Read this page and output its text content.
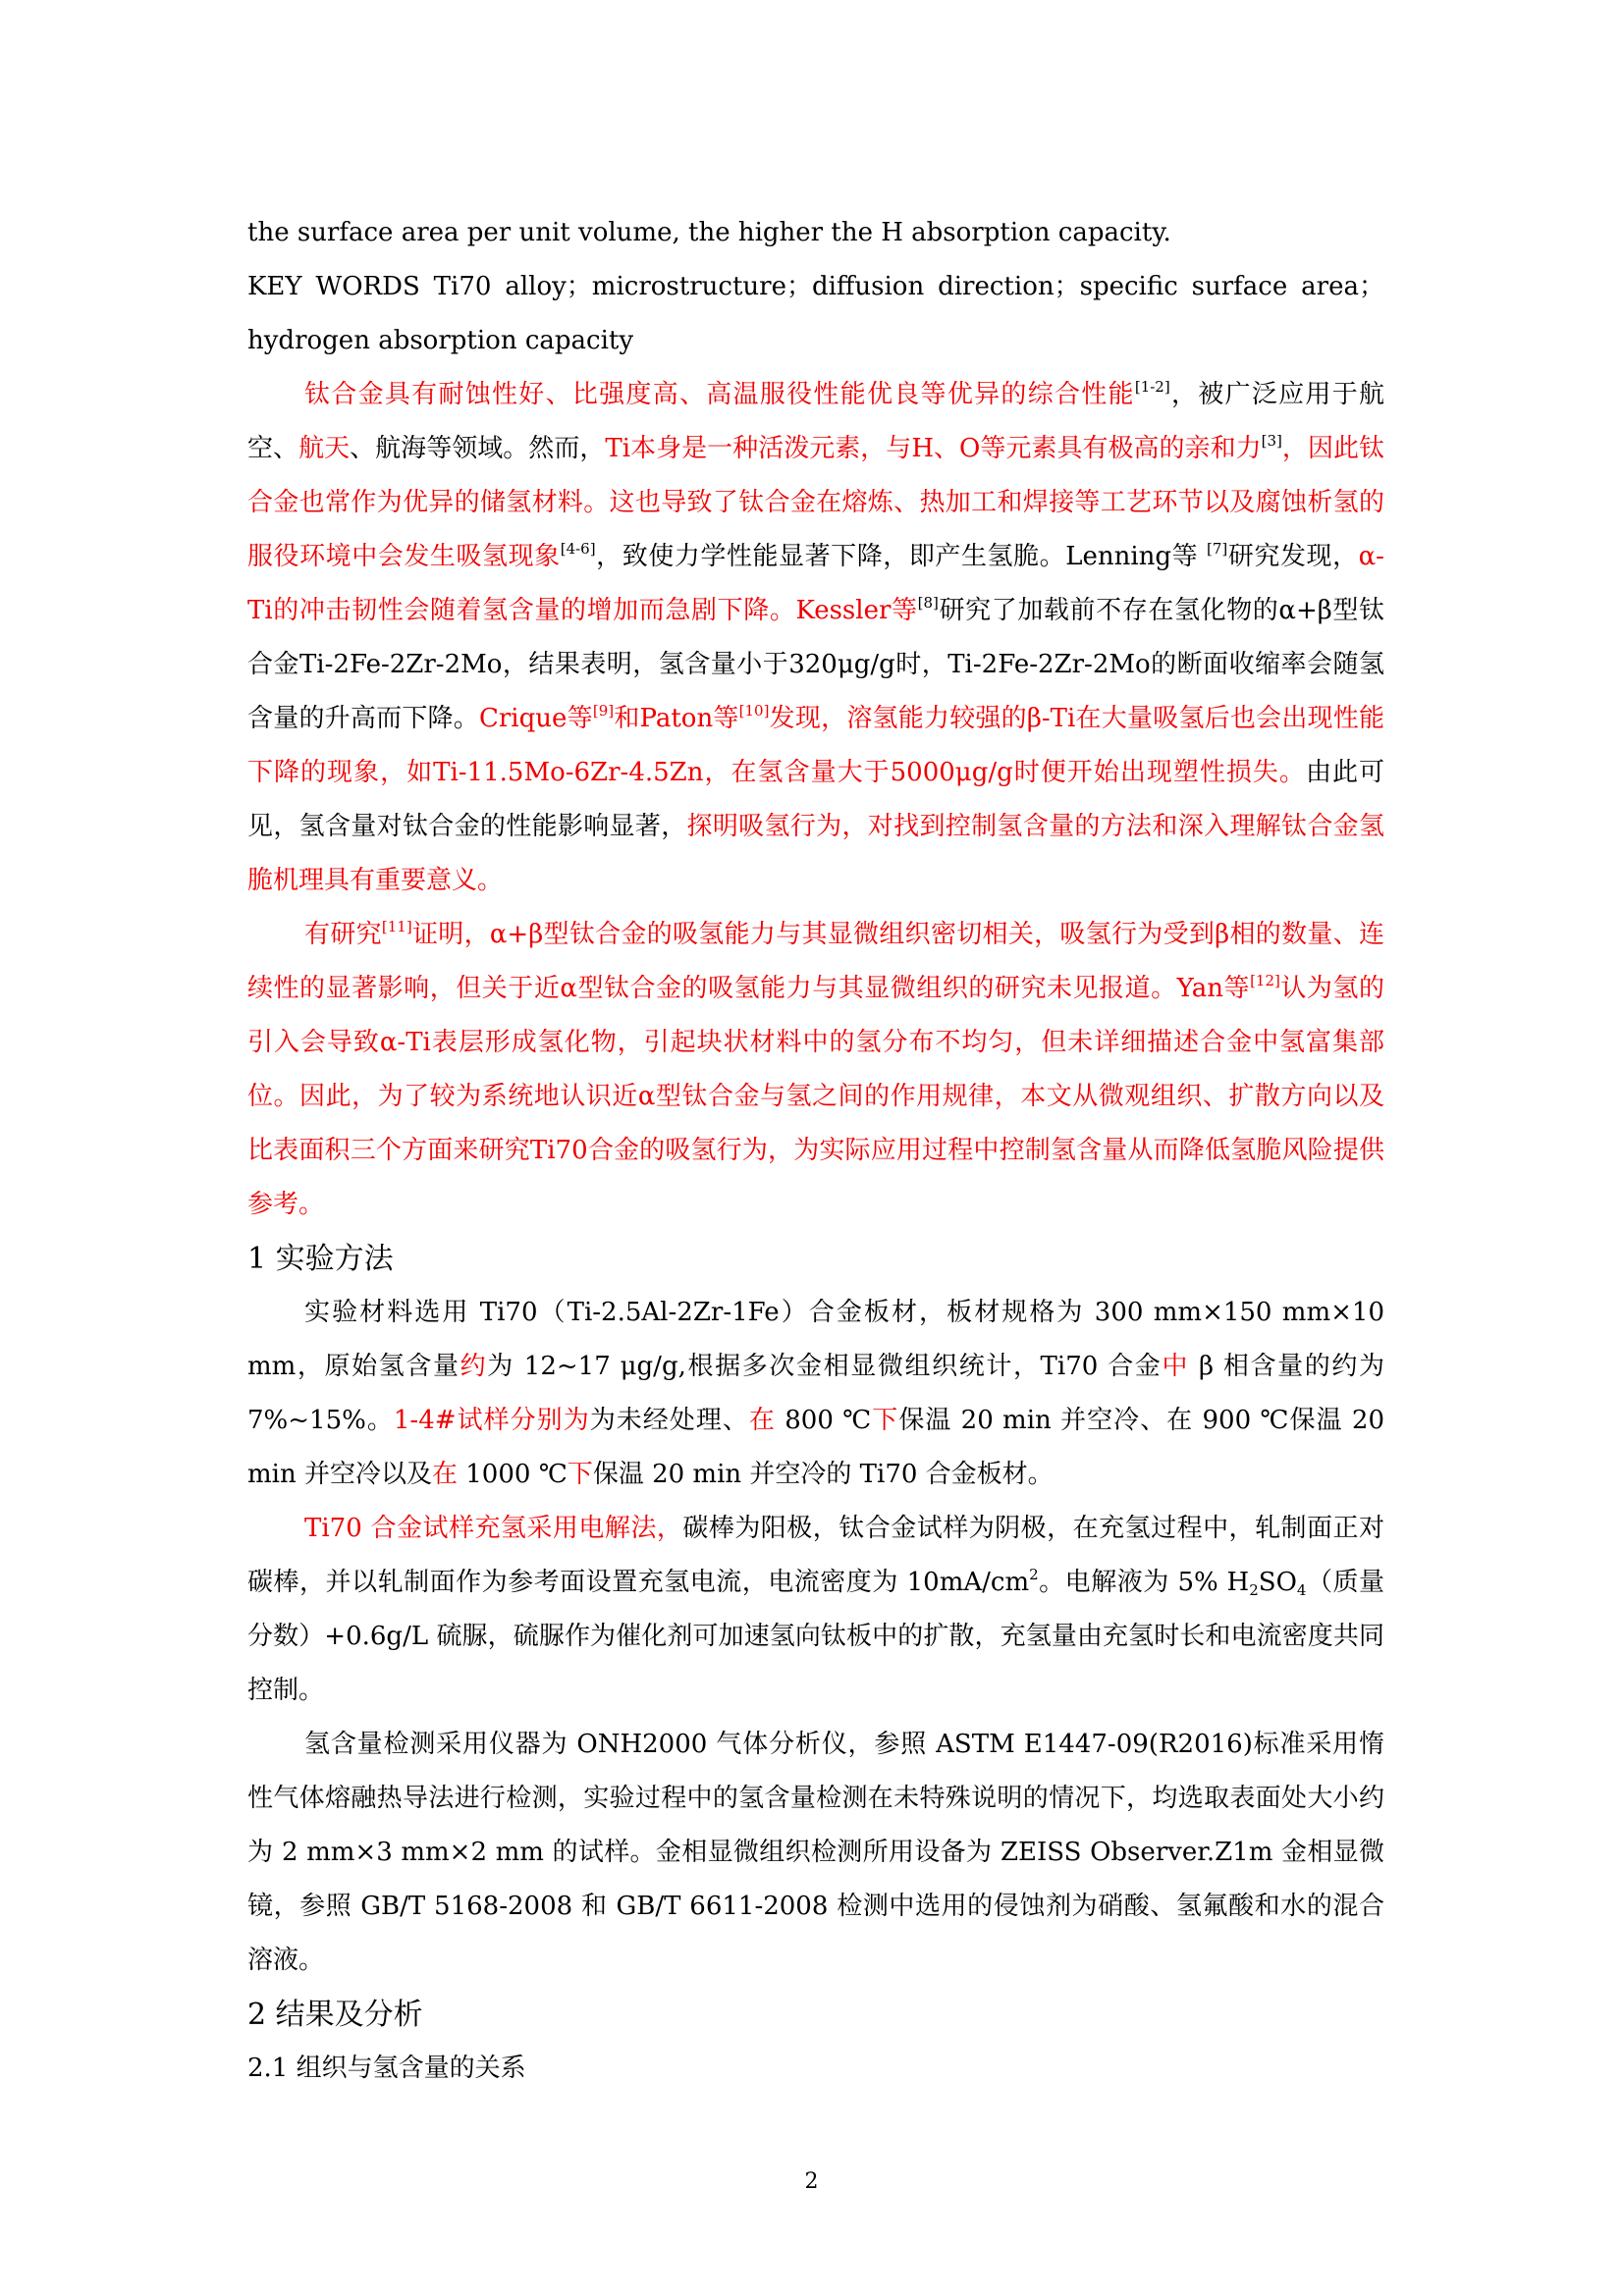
the surface area per unit volume, the higher the H absorption capacity.

KEY WORDS Ti70 alloy；microstructure；diffusion direction；specific surface area；hydrogen absorption capacity

钛合金具有耐蚀性好、比强度高、高温服役性能优良等优异的综合性能[1-2]，被广泛应用于航空、航天、航海等领域。然而，Ti本身是一种活泼元素，与H、O等元素具有极高的亲和力[3]，因此钛合金也常作为优异的储氢材料。这也导致了钛合金在熔炼、热加工和焊接等工艺环节以及腐蚀析氢的服役环境中会发生吸氢现象[4-6]，致使力学性能显著下降，即产生氢脆。Lenning等 [7]研究发现，α-Ti的冲击韧性会随着氢含量的增加而急剧下降。Kessler等[8]研究了加载前不存在氢化物的α+β型钛合金Ti-2Fe-2Zr-2Mo，结果表明，氢含量小于320μg/g时，Ti-2Fe-2Zr-2Mo的断面收缩率会随氢含量的升高而下降。Crique等[9]和Paton等[10]发现，溶氢能力较强的β-Ti在大量吸氢后也会出现性能下降的现象，如Ti-11.5Mo-6Zr-4.5Zn，在氢含量大于5000μg/g时便开始出现塑性损失。由此可见，氢含量对钛合金的性能影响显著，探明吸氢行为，对找到控制氢含量的方法和深入理解钛合金氢脆机理具有重要意义。

有研究[11]证明，α+β型钛合金的吸氢能力与其显微组织密切相关，吸氢行为受到β相的数量、连续性的显著影响，但关于近α型钛合金的吸氢能力与其显微组织的研究未见报道。Yan等[12]认为氢的引入会导致α-Ti表层形成氢化物，引起块状材料中的氢分布不均匀，但未详细描述合金中氢富集部位。因此，为了较为系统地认识近α型钛合金与氢之间的作用规律，本文从微观组织、扩散方向以及比表面积三个方面来研究Ti70合金的吸氢行为，为实际应用过程中控制氢含量从而降低氢脆风险提供参考。

1 实验方法

实验材料选用 Ti70（Ti-2.5Al-2Zr-1Fe）合金板材，板材规格为 300 mm×150 mm×10 mm，原始氢含量约为 12~17 μg/g,根据多次金相显微组织统计，Ti70 合金中 β 相含量的约为 7%~15%。1-4#试样分别为为未经处理、在 800 ℃下保温 20 min 并空冷、在 900 ℃保温 20 min 并空冷以及在 1000 ℃下保温 20 min 并空冷的 Ti70 合金板材。

Ti70 合金试样充氢采用电解法，碳棒为阳极，钛合金试样为阴极，在充氢过程中，轧制面正对碳棒，并以轧制面作为参考面设置充氢电流，电流密度为 $10mA/cm^2$。电解液为 5% $H_2SO_4$（质量分数）+0.6g/L 硫脲，硫脲作为催化剂可加速氢向钛板中的扩散，充氢量由充氢时长和电流密度共同控制。

氢含量检测采用仪器为 ONH2000 气体分析仪，参照 ASTM E1447-09(R2016)标准采用惰性气体熔融热导法进行检测，实验过程中的氢含量检测在未特殊说明的情况下，均选取表面处大小约为 2 mm×3 mm×2 mm 的试样。金相显微组织检测所用设备为 ZEISS Observer.Z1m 金相显微镜，参照 GB/T 5168-2008 和 GB/T 6611-2008 检测中选用的侵蚀剂为硝酸、氢氟酸和水的混合溶液。

2 结果及分析

2.1 组织与氢含量的关系

2
